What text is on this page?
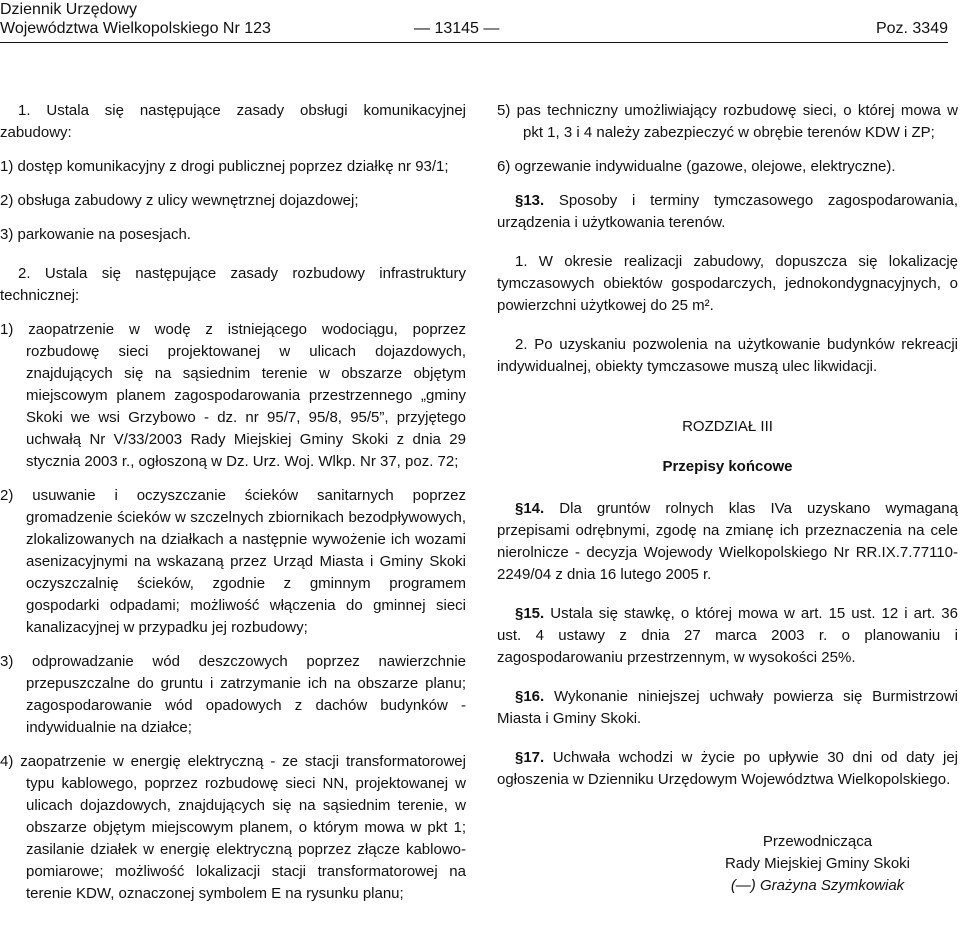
Dziennik Urzędowy
Województwa Wielkopolskiego Nr 123	— 13145 —	Poz. 3349

1. Ustala się następujące zasady obsługi komunikacyjnej zabudowy:

1) dostęp komunikacyjny z drogi publicznej poprzez działkę nr 93/1;

2) obsługa zabudowy z ulicy wewnętrznej dojazdowej;

3) parkowanie na posesjach.

2. Ustala się następujące zasady rozbudowy infrastruktury technicznej:

1) zaopatrzenie w wodę z istniejącego wodociągu, poprzez rozbudowę sieci projektowanej w ulicach dojazdowych, znajdujących się na sąsiednim terenie w obszarze objętym miejscowym planem zagospodarowania przestrzennego „gminy Skoki we wsi Grzybowo - dz. nr 95/7, 95/8, 95/5”, przyjętego uchwałą Nr V/33/2003 Rady Miejskiej Gminy Skoki z dnia 29 stycznia 2003 r., ogłoszoną w Dz. Urz. Woj. Wlkp. Nr 37, poz. 72;

2) usuwanie i oczyszczanie ścieków sanitarnych poprzez gromadzenie ścieków w szczelnych zbiornikach bezodpływowych, zlokalizowanych na działkach a następnie wywożenie ich wozami asenizacyjnymi na wskazaną przez Urząd Miasta i Gminy Skoki oczyszczalnię ścieków, zgodnie z gminnym programem gospodarki odpadami; możliwość włączenia do gminnej sieci kanalizacyjnej w przypadku jej rozbudowy;

3) odprowadzanie wód deszczowych poprzez nawierzchnie przepuszczalne do gruntu i zatrzymanie ich na obszarze planu; zagospodarowanie wód opadowych z dachów budynków - indywidualnie na działce;

4) zaopatrzenie w energię elektryczną - ze stacji transformatorowej typu kablowego, poprzez rozbudowę sieci NN, projektowanej w ulicach dojazdowych, znajdujących się na sąsiednim terenie, w obszarze objętym miejscowym planem, o którym mowa w pkt 1; zasilanie działek w energię elektryczną poprzez złącze kablowo-pomiarowe; możliwość lokalizacji stacji transformatorowej na terenie KDW, oznaczonej symbolem E na rysunku planu;

5) pas techniczny umożliwiający rozbudowę sieci, o której mowa w pkt 1, 3 i 4 należy zabezpieczyć w obrębie terenów KDW i ZP;

6) ogrzewanie indywidualne (gazowe, olejowe, elektryczne).

§13. Sposoby i terminy tymczasowego zagospodarowania, urządzenia i użytkowania terenów.

1. W okresie realizacji zabudowy, dopuszcza się lokalizację tymczasowych obiektów gospodarczych, jednokondygnacyjnych, o powierzchni użytkowej do 25 m².

2. Po uzyskaniu pozwolenia na użytkowanie budynków rekreacji indywidualnej, obiekty tymczasowe muszą ulec likwidacji.

ROZDZIAŁ III

Przepisy końcowe

§14. Dla gruntów rolnych klas IVa uzyskano wymaganą przepisami odrębnymi, zgodę na zmianę ich przeznaczenia na cele nierolnicze - decyzja Wojewody Wielkopolskiego Nr RR.IX.7.77110-2249/04 z dnia 16 lutego 2005 r.

§15. Ustala się stawkę, o której mowa w art. 15 ust. 12 i art. 36 ust. 4 ustawy z dnia 27 marca 2003 r. o planowaniu i zagospodarowaniu przestrzennym, w wysokości 25%.

§16. Wykonanie niniejszej uchwały powierza się Burmistrzowi Miasta i Gminy Skoki.

§17. Uchwała wchodzi w życie po upływie 30 dni od daty jej ogłoszenia w Dzienniku Urzędowym Województwa Wielkopolskiego.

Przewodnicząca
Rady Miejskiej Gminy Skoki
(—) Grażyna Szymkowiak
